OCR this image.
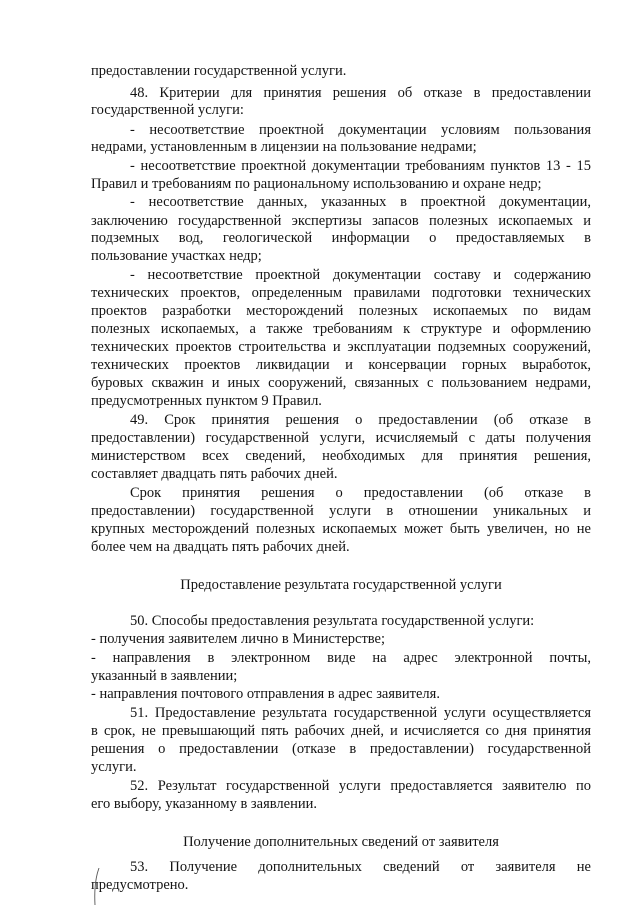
предоставлении государственной услуги.
48. Критерии для принятия решения об отказе в предоставлении
государственной услуги:
- несоответствие проектной документации условиям пользования
недрами, установленным в лицензии на пользование недрами;
- несоответствие проектной документации требованиям пунктов 13 - 15
Правил и требованиям по рациональному использованию и охране недр;
- несоответствие данных, указанных в проектной документации,
заключению государственной экспертизы запасов полезных ископаемых и
подземных вод, геологической информации о предоставляемых в
пользование участках недр;
- несоответствие проектной документации составу и содержанию
технических проектов, определенным правилами подготовки технических
проектов разработки месторождений полезных ископаемых по видам
полезных ископаемых, а также требованиям к структуре и оформлению
технических проектов строительства и эксплуатации подземных сооружений,
технических проектов ликвидации и консервации горных выработок,
буровых скважин и иных сооружений, связанных с пользованием недрами,
предусмотренных пунктом 9 Правил.
49. Срок принятия решения о предоставлении (об отказе в
предоставлении) государственной услуги, исчисляемый с даты получения
министерством всех сведений, необходимых для принятия решения,
составляет двадцать пять рабочих дней.
Срок принятия решения о предоставлении (об отказе в
предоставлении) государственной услуги в отношении уникальных и
крупных месторождений полезных ископаемых может быть увеличен, но не
более чем на двадцать пять рабочих дней.
Предоставление результата государственной услуги
50. Способы предоставления результата государственной услуги:
- получения заявителем лично в Министерстве;
- направления в электронном виде на адрес электронной почты,
указанный в заявлении;
- направления почтового отправления в адрес заявителя.
51. Предоставление результата государственной услуги осуществляется
в срок, не превышающий пять рабочих дней, и исчисляется со дня принятия
решения о предоставлении (отказе в предоставлении) государственной
услуги.
52. Результат государственной услуги предоставляется заявителю по
его выбору, указанному в заявлении.
Получение дополнительных сведений от заявителя
53. Получение дополнительных сведений от заявителя не
предусмотрено.
